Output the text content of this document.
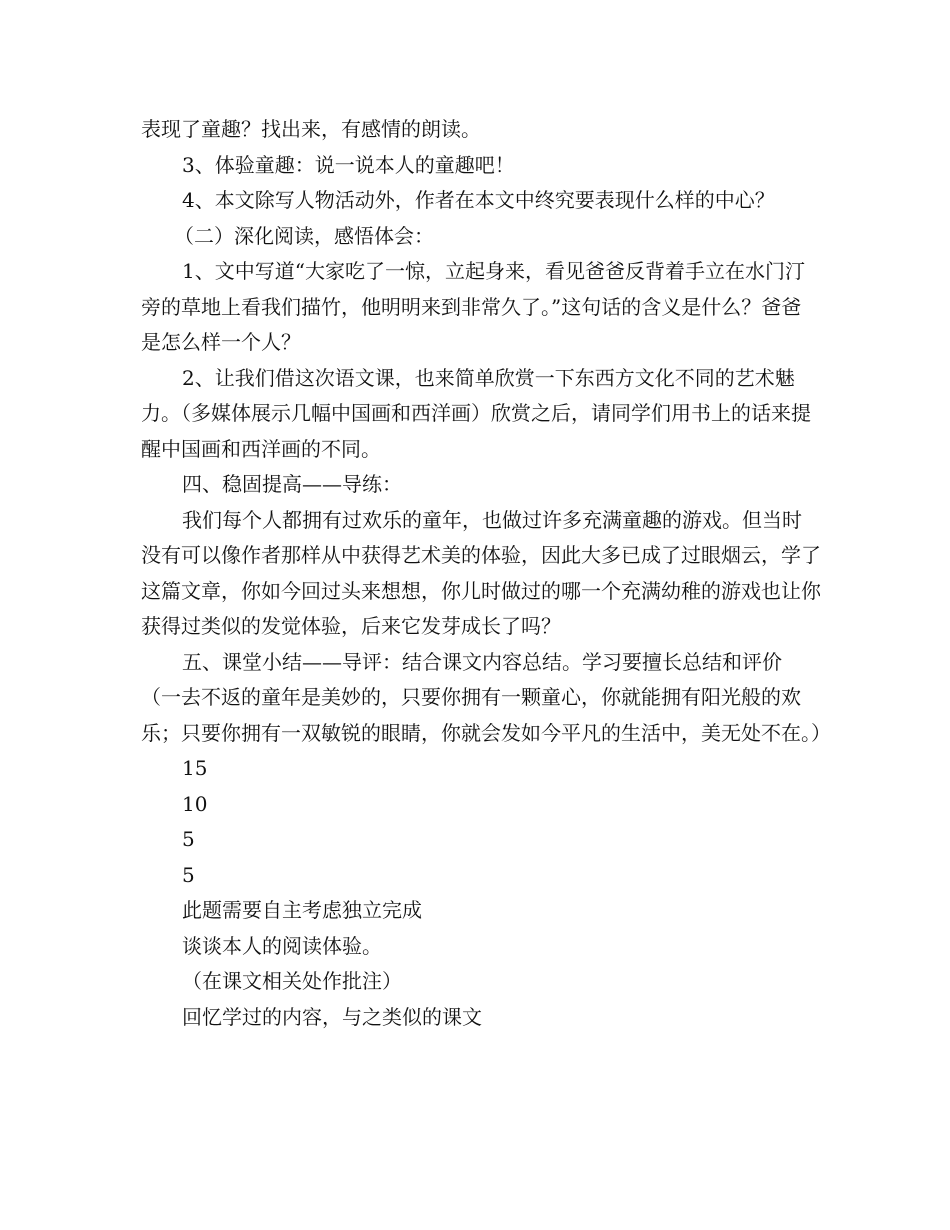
表现了童趣？找出来，有感情的朗读。

3、体验童趣：说一说本人的童趣吧！

4、本文除写人物活动外，作者在本文中终究要表现什么样的中心？

（二）深化阅读，感悟体会：

1、文中写道“大家吃了一惊，立起身来，看见爸爸反背着手立在水门汀旁的草地上看我们描竹，他明明来到非常久了。”这句话的含义是什么？爸爸是怎么样一个人？

2、让我们借这次语文课，也来简单欣赏一下东西方文化不同的艺术魅力。（多媒体展示几幅中国画和西洋画）欣赏之后，请同学们用书上的话来提醒中国画和西洋画的不同。

四、稳固提高——导练：

我们每个人都拥有过欢乐的童年，也做过许多充满童趣的游戏。但当时没有可以像作者那样从中获得艺术美的体验，因此大多已成了过眼烟云，学了这篇文章，你如今回过头来想想，你儿时做过的哪一个充满幼稚的游戏也让你获得过类似的发觉体验，后来它发芽成长了吗？

五、课堂小结——导评：结合课文内容总结。学习要擅长总结和评价（一去不返的童年是美妙的，只要你拥有一颗童心，你就能拥有阳光般的欢乐；只要你拥有一双敏锐的眼睛，你就会发如今平凡的生活中，美无处不在。）

15

10

5

5

此题需要自主考虑独立完成

谈谈本人的阅读体验。

（在课文相关处作批注）

回忆学过的内容，与之类似的课文
